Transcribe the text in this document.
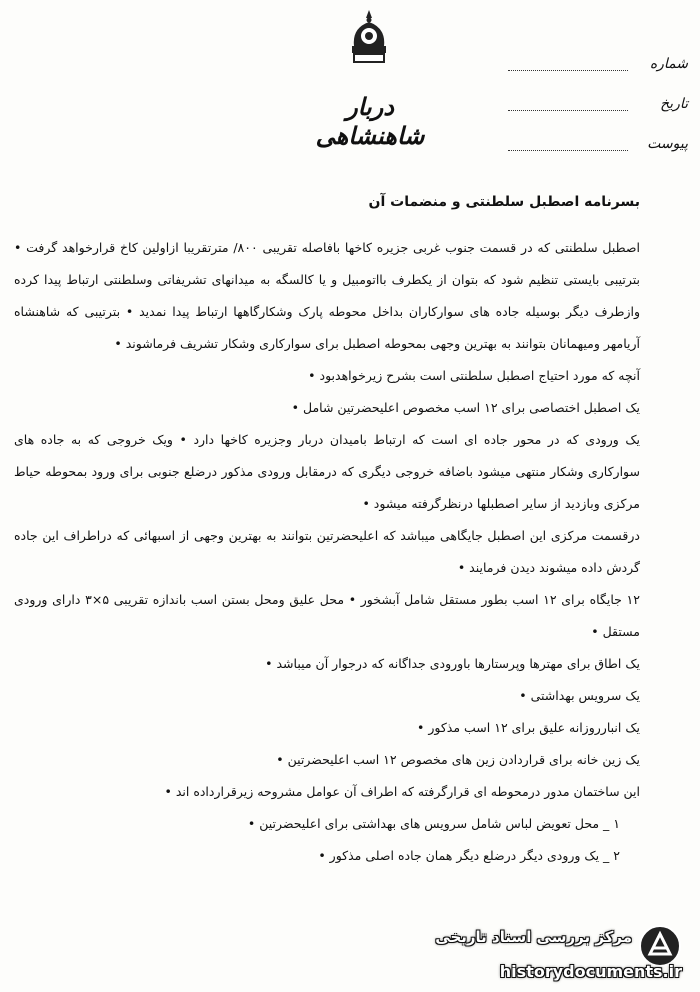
دربار شاهنشاهی
شماره
تاریخ
پیوست

بسرنامه اصطبل سلطنتی و منضمات آن

اصطبل سلطنتی که در قسمت جنوب غربی جزیره کاخها بافاصله تقریبی ۸۰۰/ مترتقریبا ازاولین کاخ قرارخواهد گرفت • بترتیبی بایستی تنظیم شود که بتوان از یکطرف بااتومبیل و یا کالسگه به میدانهای تشریفاتی وسلطنتی ارتباط پیدا کرده وازطرف دیگر بوسیله جاده های سوارکاران بداخل محوطه پارک وشکارگاهها ارتباط پیدا نمدید • بترتیبی که شاهنشاه آریامهر ومیهمانان بتوانند به بهترین وجهی بمحوطه اصطبل برای سوارکاری وشکار تشریف فرماشوند •

آنچه که مورد احتیاج اصطبل سلطنتی است بشرح زیرخواهدبود •

یک اصطبل اختصاصی برای ۱۲ اسب مخصوص اعلیحضرتین شامل •

یک ورودی که در محور جاده ای است که ارتباط بامیدان دربار وجزیره کاخها دارد • ویک خروجی که به جاده های سوارکاری وشکار منتهی میشود باضافه خروجی دیگری که درمقابل ورودی مذکور درضلع جنوبی برای ورود بمحوطه حیاط مرکزی وبازدید از سایر اصطبلها درنظرگرفته میشود •

درقسمت مرکزی این اصطبل جایگاهی میباشد که اعلیحضرتین بتوانند به بهترین وجهی از اسبهائی که دراطراف این جاده گردش داده میشوند دیدن فرمایند •

۱۲ جایگاه برای ۱۲ اسب بطور مستقل شامل آبشخور • محل علیق ومحل بستن اسب باندازه تقریبی ۵×۳ دارای ورودی مستقل •

یک اطاق برای مهترها وپرستارها باورودی جداگانه که درجوار آن میباشد •

یک سرویس بهداشتی •

یک انبارروزانه علیق برای ۱۲ اسب مذکور •

یک زین خانه برای قراردادن زین های مخصوص ۱۲ اسب اعلیحضرتین •

این ساختمان مدور درمحوطه ای قرارگرفته که اطراف آن عوامل مشروحه زیرقرارداده اند •

۱ _ محل تعویض لباس شامل سرویس های بهداشتی برای اعلیحضرتین •

۲ _ یک ورودی دیگر درضلع دیگر همان جاده اصلی مذکور •

مرکز بررسی اسناد تاریخی
historydocuments.ir
